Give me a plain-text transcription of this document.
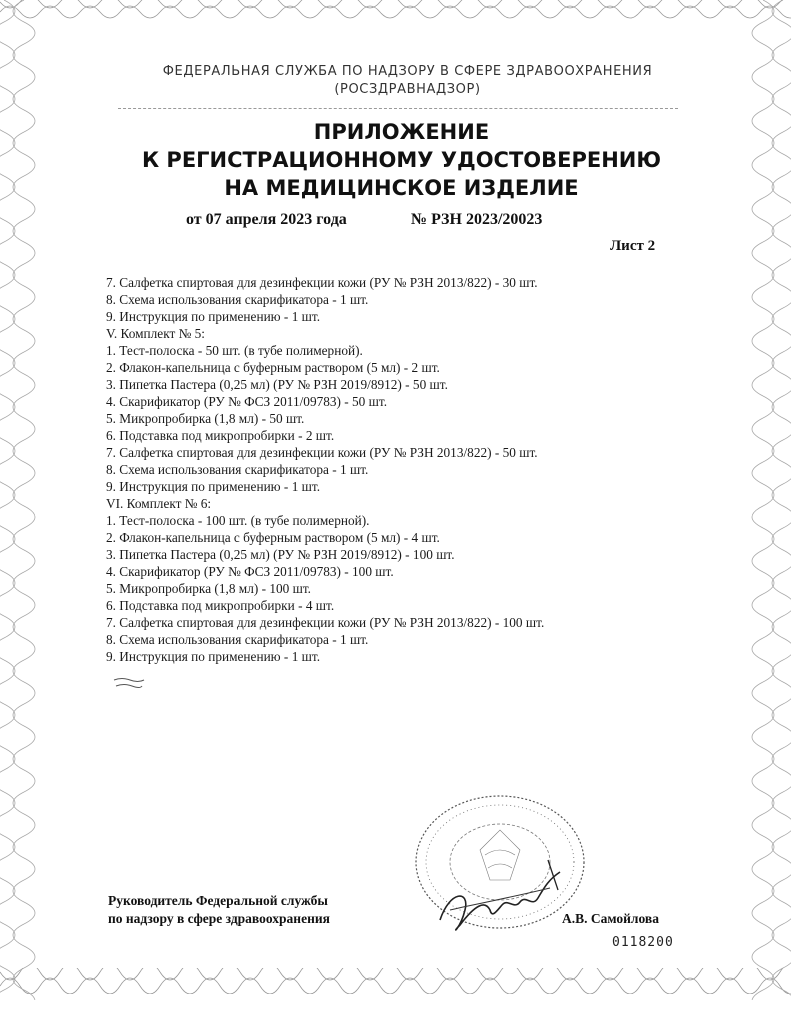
ФЕДЕРАЛЬНАЯ СЛУЖБА ПО НАДЗОРУ В СФЕРЕ ЗДРАВООХРАНЕНИЯ
(РОСЗДРАВНАДЗОР)
ПРИЛОЖЕНИЕ
К РЕГИСТРАЦИОННОМУ УДОСТОВЕРЕНИЮ
НА МЕДИЦИНСКОЕ ИЗДЕЛИЕ
от 07 апреля 2023 года	№ РЗН 2023/20023
Лист 2
7. Салфетка спиртовая для дезинфекции кожи (РУ № РЗН 2013/822) - 30 шт.
8. Схема использования скарификатора - 1 шт.
9. Инструкция по применению - 1 шт.
V. Комплект № 5:
1. Тест-полоска - 50 шт. (в тубе полимерной).
2. Флакон-капельница с буферным раствором (5 мл) - 2 шт.
3. Пипетка Пастера (0,25 мл) (РУ № РЗН 2019/8912) - 50 шт.
4. Скарификатор (РУ № ФСЗ 2011/09783) - 50 шт.
5. Микропробирка (1,8 мл) - 50 шт.
6. Подставка под микропробирки - 2 шт.
7. Салфетка спиртовая для дезинфекции кожи (РУ № РЗН 2013/822) - 50 шт.
8. Схема использования скарификатора - 1 шт.
9. Инструкция по применению - 1 шт.
VI. Комплект № 6:
1. Тест-полоска - 100 шт. (в тубе полимерной).
2. Флакон-капельница с буферным раствором (5 мл) - 4 шт.
3. Пипетка Пастера (0,25 мл) (РУ № РЗН 2019/8912) - 100 шт.
4. Скарификатор (РУ № ФСЗ 2011/09783) - 100 шт.
5. Микропробирка (1,8 мл) - 100 шт.
6. Подставка под микропробирки - 4 шт.
7. Салфетка спиртовая для дезинфекции кожи (РУ № РЗН 2013/822) - 100 шт.
8. Схема использования скарификатора - 1 шт.
9. Инструкция по применению - 1 шт.
Руководитель Федеральной службы
по надзору в сфере здравоохранения	А.В. Самойлова
0118200
